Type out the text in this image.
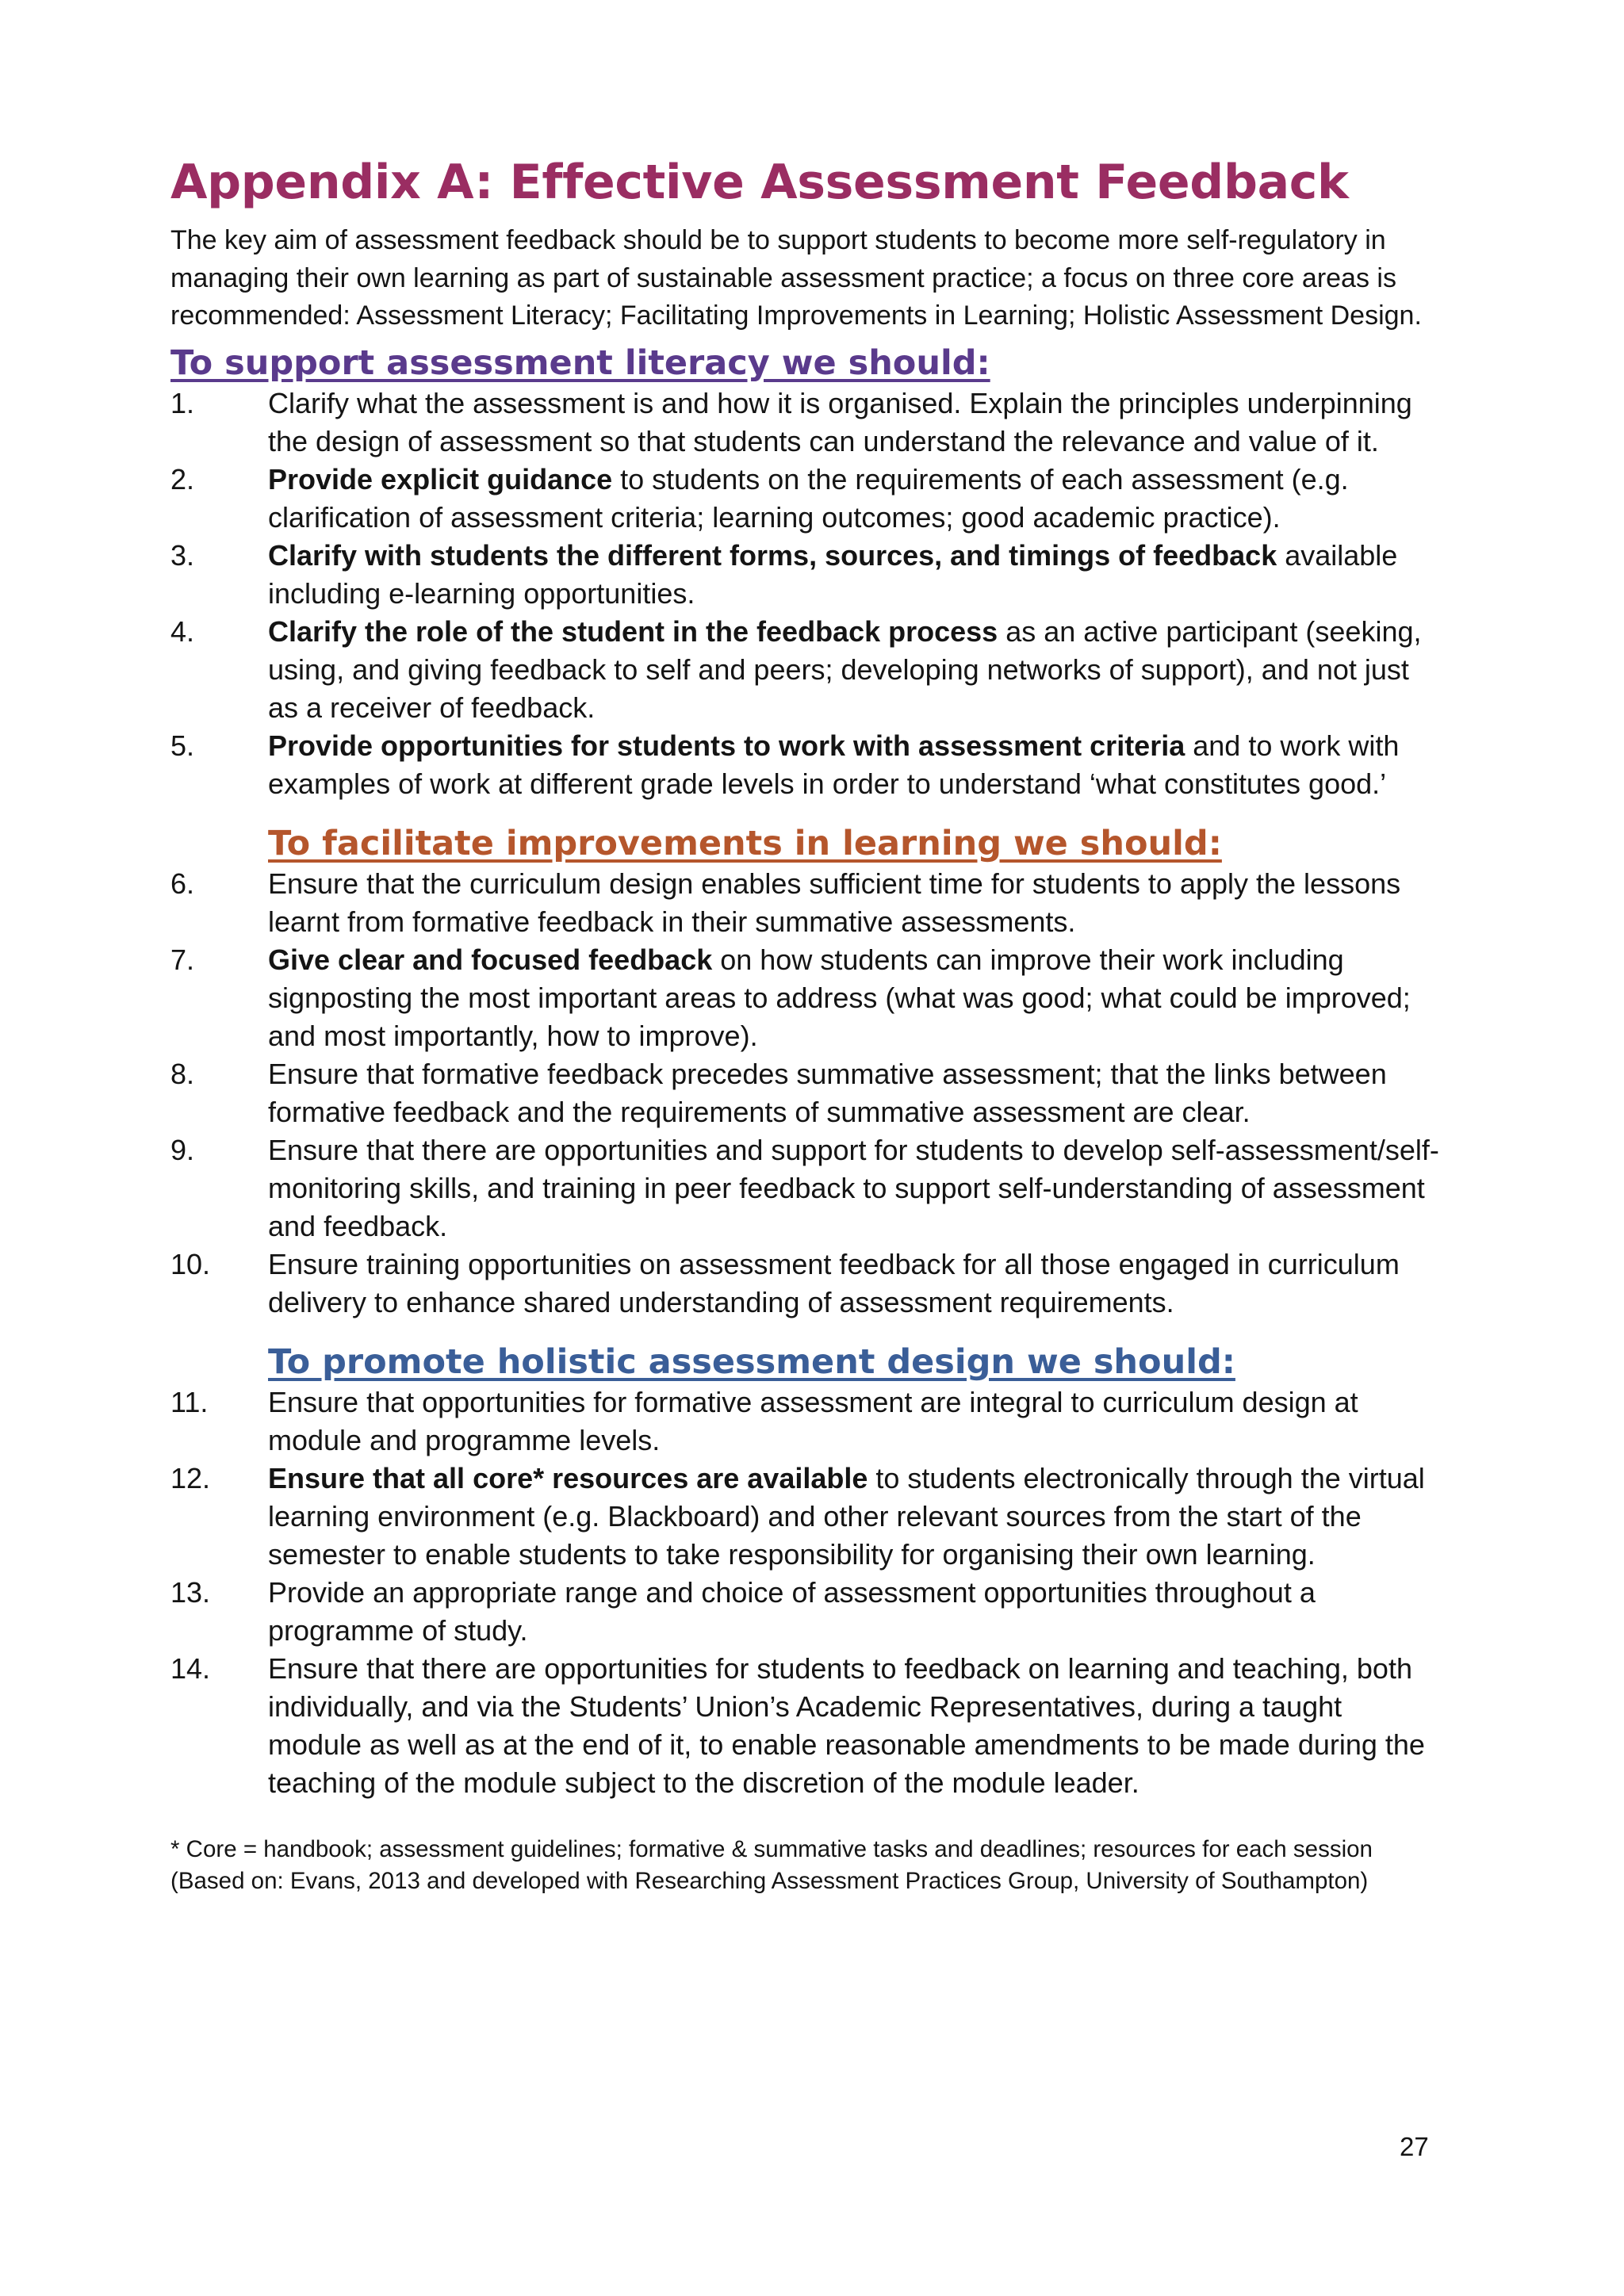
Appendix A: Effective Assessment Feedback

The key aim of assessment feedback should be to support students to become more self-regulatory in managing their own learning as part of sustainable assessment practice; a focus on three core areas is recommended: Assessment Literacy; Facilitating Improvements in Learning; Holistic Assessment Design.

To support assessment literacy we should:
1.	Clarify what the assessment is and how it is organised. Explain the principles underpinning the design of assessment so that students can understand the relevance and value of it.
2.	Provide explicit guidance to students on the requirements of each assessment (e.g. clarification of assessment criteria; learning outcomes; good academic practice).
3.	Clarify with students the different forms, sources, and timings of feedback available including e-learning opportunities.
4.	Clarify the role of the student in the feedback process as an active participant (seeking, using, and giving feedback to self and peers; developing networks of support), and not just as a receiver of feedback.
5.	Provide opportunities for students to work with assessment criteria and to work with examples of work at different grade levels in order to understand ‘what constitutes good.’
To facilitate improvements in learning we should:
6.	Ensure that the curriculum design enables sufficient time for students to apply the lessons learnt from formative feedback in their summative assessments.
7.	Give clear and focused feedback on how students can improve their work including signposting the most important areas to address (what was good; what could be improved; and most importantly, how to improve).
8.	Ensure that formative feedback precedes summative assessment; that the links between formative feedback and the requirements of summative assessment are clear.
9.	Ensure that there are opportunities and support for students to develop self-assessment/self- monitoring skills, and training in peer feedback to support self-understanding of assessment and feedback.
10.	Ensure training opportunities on assessment feedback for all those engaged in curriculum delivery to enhance shared understanding of assessment requirements.
To promote holistic assessment design we should:
11.	Ensure that opportunities for formative assessment are integral to curriculum design at module and programme levels.
12.	Ensure that all core* resources are available to students electronically through the virtual learning environment (e.g. Blackboard) and other relevant sources from the start of the semester to enable students to take responsibility for organising their own learning.
13.	Provide an appropriate range and choice of assessment opportunities throughout a programme of study.
14.	Ensure that there are opportunities for students to feedback on learning and teaching, both individually, and via the Students’ Union’s Academic Representatives, during a taught module as well as at the end of it, to enable reasonable amendments to be made during the teaching of the module subject to the discretion of the module leader.

* Core = handbook; assessment guidelines; formative & summative tasks and deadlines; resources for each session (Based on: Evans, 2013 and developed with Researching Assessment Practices Group, University of Southampton)

27
